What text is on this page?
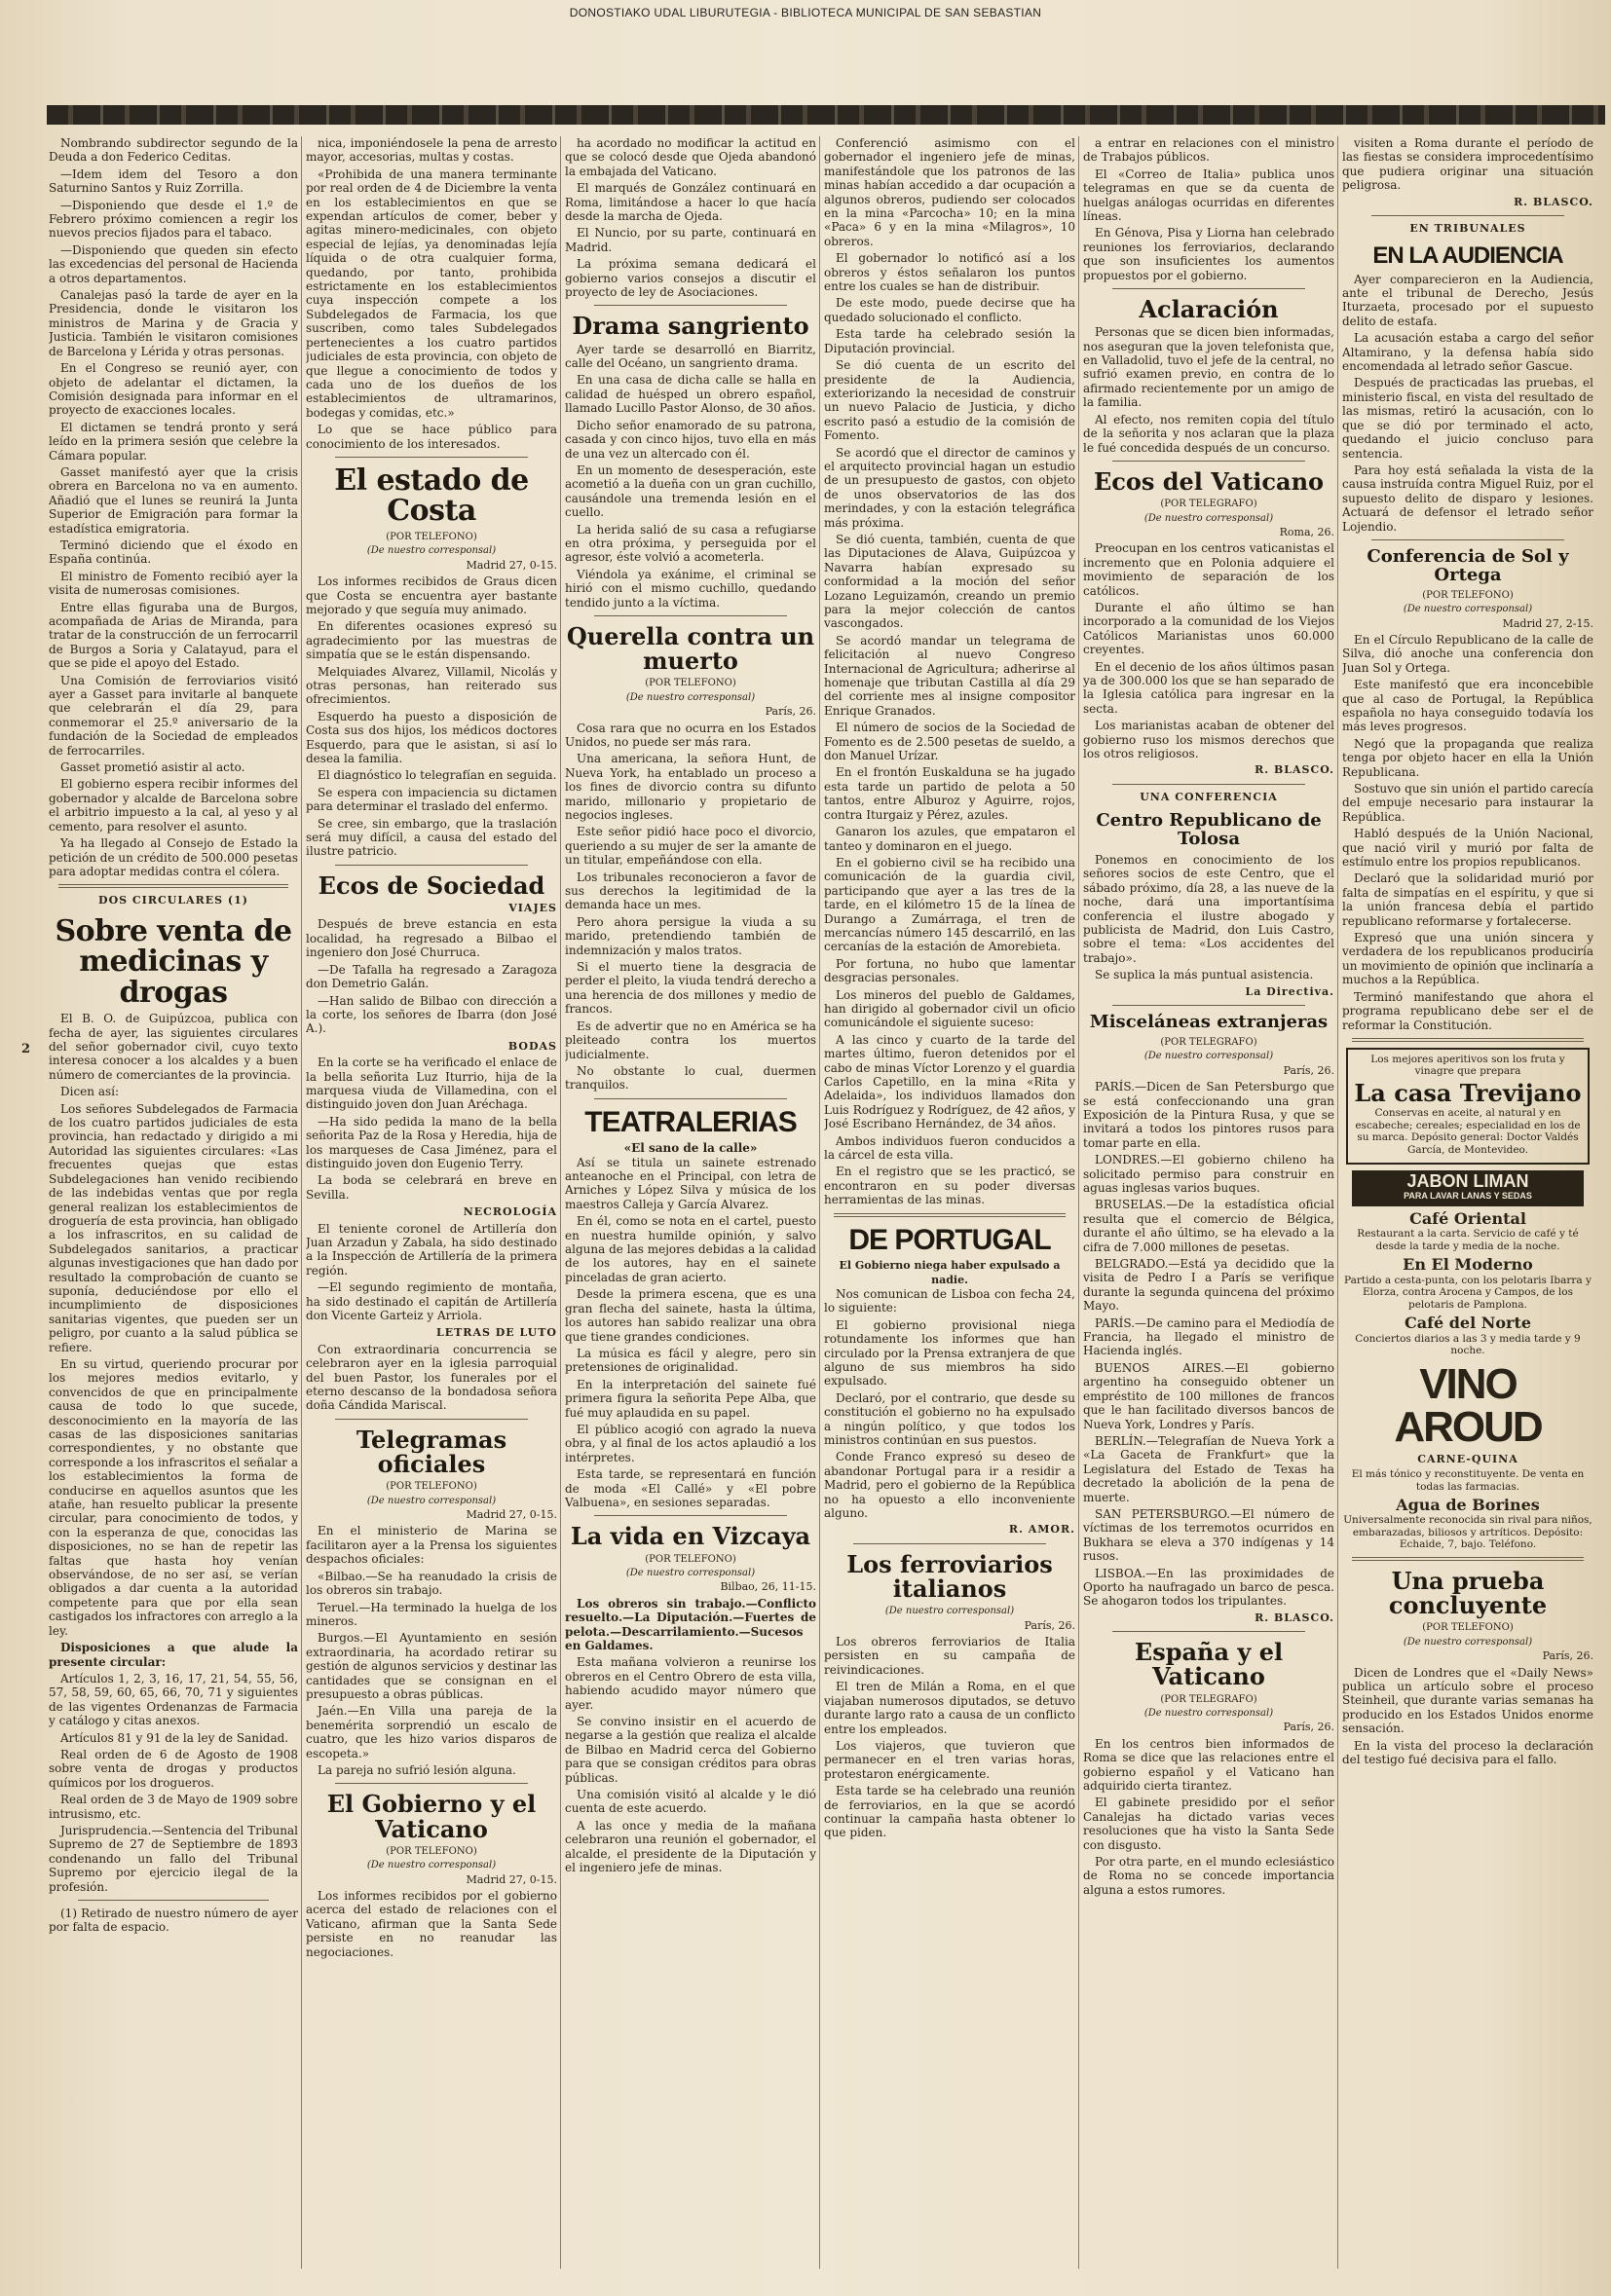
DONOSTIAKO UDAL LIBURUTEGIA - BIBLIOTECA MUNICIPAL DE SAN SEBASTIAN
2

Nombrando subdirector segundo de la Deuda a don Federico Ceditas.

—Idem idem del Tesoro a don Saturnino Santos y Ruiz Zorrilla.

—Disponiendo que desde el 1.º de Febrero próximo comiencen a regir los nuevos precios fijados para el tabaco.

—Disponiendo que queden sin efecto las excedencias del personal de Hacienda a otros departamentos.

Canalejas pasó la tarde de ayer en la Presidencia, donde le visitaron los ministros de Marina y de Gracia y Justicia. También le visitaron comisiones de Barcelona y Lérida y otras personas.

En el Congreso se reunió ayer, con objeto de adelantar el dictamen, la Comisión designada para informar en el proyecto de exacciones locales.

El dictamen se tendrá pronto y será leído en la primera sesión que celebre la Cámara popular.

Gasset manifestó ayer que la crisis obrera en Barcelona no va en aumento. Añadió que el lunes se reunirá la Junta Superior de Emigración para formar la estadística emigratoria.

Terminó diciendo que el éxodo en España continúa.

El ministro de Fomento recibió ayer la visita de numerosas comisiones.

Entre ellas figuraba una de Burgos, acompañada de Arias de Miranda, para tratar de la construcción de un ferrocarril de Burgos a Soria y Calatayud, para el que se pide el apoyo del Estado.

Una Comisión de ferroviarios visitó ayer a Gasset para invitarle al banquete que celebrarán el día 29, para conmemorar el 25.º aniversario de la fundación de la Sociedad de empleados de ferrocarriles.

Gasset prometió asistir al acto.

El gobierno espera recibir informes del gobernador y alcalde de Barcelona sobre el arbitrio impuesto a la cal, al yeso y al cemento, para resolver el asunto.

Ya ha llegado al Consejo de Estado la petición de un crédito de 500.000 pesetas para adoptar medidas contra el cólera.

DOS CIRCULARES (1)
Sobre venta de medicinas y drogas

El B. O. de Guipúzcoa, publica con fecha de ayer, las siguientes circulares del señor gobernador civil, cuyo texto interesa conocer a los alcaldes y a buen número de comerciantes de la provincia.

Dicen así:

Los señores Subdelegados de Farmacia de los cuatro partidos judiciales de esta provincia, han redactado y dirigido a mi Autoridad las siguientes circulares: «Las frecuentes quejas que estas Subdelegaciones han venido recibiendo de las indebidas ventas que por regla general realizan los establecimientos de droguería de esta provincia, han obligado a los infrascritos, en su calidad de Subdelegados sanitarios, a practicar algunas investigaciones que han dado por resultado la comprobación de cuanto se suponía, deduciéndose por ello el incumplimiento de disposiciones sanitarias vigentes, que pueden ser un peligro, por cuanto a la salud pública se refiere.

En su virtud, queriendo procurar por los mejores medios evitarlo, y convencidos de que en principalmente causa de todo lo que sucede, desconocimiento en la mayoría de las casas de las disposiciones sanitarias correspondientes, y no obstante que corresponde a los infrascritos el señalar a los establecimientos la forma de conducirse en aquellos asuntos que les atañe, han resuelto publicar la presente circular, para conocimiento de todos, y con la esperanza de que, conocidas las disposiciones, no se han de repetir las faltas que hasta hoy venían observándose, de no ser así, se verían obligados a dar cuenta a la autoridad competente para que por ella sean castigados los infractores con arreglo a la ley.

Disposiciones a que alude la presente circular:

Artículos 1, 2, 3, 16, 17, 21, 54, 55, 56, 57, 58, 59, 60, 65, 66, 70, 71 y siguientes de las vigentes Ordenanzas de Farmacia y catálogo y citas anexos.

Artículos 81 y 91 de la ley de Sanidad.

Real orden de 6 de Agosto de 1908 sobre venta de drogas y productos químicos por los drogueros.

Real orden de 3 de Mayo de 1909 sobre intrusismo, etc.

Jurisprudencia.—Sentencia del Tribunal Supremo de 27 de Septiembre de 1893 condenando un fallo del Tribunal Supremo por ejercicio ilegal de la profesión.

(1) Retirado de nuestro número de ayer por falta de espacio.

nica, imponiéndosele la pena de arresto mayor, accesorias, multas y costas.

«Prohibida de una manera terminante por real orden de 4 de Diciembre la venta en los establecimientos en que se expendan artículos de comer, beber y agitas minero-medicinales, con objeto especial de lejías, ya denominadas lejía líquida o de otra cualquier forma, quedando, por tanto, prohibida estrictamente en los establecimientos cuya inspección compete a los Subdelegados de Farmacia, los que suscriben, como tales Subdelegados pertenecientes a los cuatro partidos judiciales de esta provincia, con objeto de que llegue a conocimiento de todos y cada uno de los dueños de los establecimientos de ultramarinos, bodegas y comidas, etc.»

Lo que se hace público para conocimiento de los interesados.

El estado de Costa
(POR TELEFONO)
(De nuestro corresponsal)
Madrid 27, 0-15.

Los informes recibidos de Graus dicen que Costa se encuentra ayer bastante mejorado y que seguía muy animado.

En diferentes ocasiones expresó su agradecimiento por las muestras de simpatía que se le están dispensando.

Melquiades Alvarez, Villamil, Nicolás y otras personas, han reiterado sus ofrecimientos.

Esquerdo ha puesto a disposición de Costa sus dos hijos, los médicos doctores Esquerdo, para que le asistan, si así lo desea la familia.

El diagnóstico lo telegrafían en seguida.

Se espera con impaciencia su dictamen para determinar el traslado del enfermo.

Se cree, sin embargo, que la traslación será muy difícil, a causa del estado del ilustre patricio.

Ecos de Sociedad
VIAJES

Después de breve estancia en esta localidad, ha regresado a Bilbao el ingeniero don José Churruca.

—De Tafalla ha regresado a Zaragoza don Demetrio Galán.

—Han salido de Bilbao con dirección a la corte, los señores de Ibarra (don José A.).

BODAS

En la corte se ha verificado el enlace de la bella señorita Luz Iturrio, hija de la marquesa viuda de Villamedina, con el distinguido joven don Juan Aréchaga.

—Ha sido pedida la mano de la bella señorita Paz de la Rosa y Heredia, hija de los marqueses de Casa Jiménez, para el distinguido joven don Eugenio Terry.

La boda se celebrará en breve en Sevilla.

NECROLOGÍA

El teniente coronel de Artillería don Juan Arzadun y Zabala, ha sido destinado a la Inspección de Artillería de la primera región.

—El segundo regimiento de montaña, ha sido destinado el capitán de Artillería don Vicente Garteiz y Arriola.

LETRAS DE LUTO

Con extraordinaria concurrencia se celebraron ayer en la iglesia parroquial del buen Pastor, los funerales por el eterno descanso de la bondadosa señora doña Cándida Mariscal.

Telegramas oficiales
(POR TELEFONO)
(De nuestro corresponsal)
Madrid 27, 0-15.

En el ministerio de Marina se facilitaron ayer a la Prensa los siguientes despachos oficiales:

«Bilbao.—Se ha reanudado la crisis de los obreros sin trabajo.

Teruel.—Ha terminado la huelga de los mineros.

Burgos.—El Ayuntamiento en sesión extraordinaria, ha acordado retirar su gestión de algunos servicios y destinar las cantidades que se consignan en el presupuesto a obras públicas.

Jaén.—En Villa una pareja de la benemérita sorprendió un escalo de cuatro, que les hizo varios disparos de escopeta.»

La pareja no sufrió lesión alguna.

El Gobierno y el Vaticano
(POR TELEFONO)
(De nuestro corresponsal)
Madrid 27, 0-15.

Los informes recibidos por el gobierno acerca del estado de relaciones con el Vaticano, afirman que la Santa Sede persiste en no reanudar las negociaciones.

ha acordado no modificar la actitud en que se colocó desde que Ojeda abandonó la embajada del Vaticano.

El marqués de González continuará en Roma, limitándose a hacer lo que hacía desde la marcha de Ojeda.

El Nuncio, por su parte, continuará en Madrid.

La próxima semana dedicará el gobierno varios consejos a discutir el proyecto de ley de Asociaciones.

Drama sangriento

Ayer tarde se desarrolló en Biarritz, calle del Océano, un sangriento drama.

En una casa de dicha calle se halla en calidad de huésped un obrero español, llamado Lucillo Pastor Alonso, de 30 años.

Dicho señor enamorado de su patrona, casada y con cinco hijos, tuvo ella en más de una vez un altercado con él.

En un momento de desesperación, este acometió a la dueña con un gran cuchillo, causándole una tremenda lesión en el cuello.

La herida salió de su casa a refugiarse en otra próxima, y perseguida por el agresor, éste volvió a acometerla.

Viéndola ya exánime, el criminal se hirió con el mismo cuchillo, quedando tendido junto a la víctima.

Querella contra un muerto
(POR TELEFONO)
(De nuestro corresponsal)
París, 26.

Cosa rara que no ocurra en los Estados Unidos, no puede ser más rara.

Una americana, la señora Hunt, de Nueva York, ha entablado un proceso a los fines de divorcio contra su difunto marido, millonario y propietario de negocios ingleses.

Este señor pidió hace poco el divorcio, queriendo a su mujer de ser la amante de un titular, empeñándose con ella.

Los tribunales reconocieron a favor de sus derechos la legitimidad de la demanda hace un mes.

Pero ahora persigue la viuda a su marido, pretendiendo también de indemnización y malos tratos.

Si el muerto tiene la desgracia de perder el pleito, la viuda tendrá derecho a una herencia de dos millones y medio de francos.

Es de advertir que no en América se ha pleiteado contra los muertos judicialmente.

No obstante lo cual, duermen tranquilos.

TEATRALERIAS
«El sano de la calle»

Así se titula un sainete estrenado anteanoche en el Principal, con letra de Arniches y López Silva y música de los maestros Calleja y García Alvarez.

En él, como se nota en el cartel, puesto en nuestra humilde opinión, y salvo alguna de las mejores debidas a la calidad de los autores, hay en el sainete pinceladas de gran acierto.

Desde la primera escena, que es una gran flecha del sainete, hasta la última, los autores han sabido realizar una obra que tiene grandes condiciones.

La música es fácil y alegre, pero sin pretensiones de originalidad.

En la interpretación del sainete fué primera figura la señorita Pepe Alba, que fué muy aplaudida en su papel.

El público acogió con agrado la nueva obra, y al final de los actos aplaudió a los intérpretes.

Esta tarde, se representará en función de moda «El Callé» y «El pobre Valbuena», en sesiones separadas.

La vida en Vizcaya
(POR TELEFONO)
(De nuestro corresponsal)
Bilbao, 26, 11-15.

Los obreros sin trabajo.—Conflicto resuelto.—La Diputación.—Fuertes de pelota.—Descarrilamiento.—Sucesos en Galdames.

Esta mañana volvieron a reunirse los obreros en el Centro Obrero de esta villa, habiendo acudido mayor número que ayer.

Se convino insistir en el acuerdo de negarse a la gestión que realiza el alcalde de Bilbao en Madrid cerca del Gobierno para que se consigan créditos para obras públicas.

Una comisión visitó al alcalde y le dió cuenta de este acuerdo.

A las once y media de la mañana celebraron una reunión el gobernador, el alcalde, el presidente de la Diputación y el ingeniero jefe de minas.

Conferenció asimismo con el gobernador el ingeniero jefe de minas, manifestándole que los patronos de las minas habían accedido a dar ocupación a algunos obreros, pudiendo ser colocados en la mina «Parcocha» 10; en la mina «Paca» 6 y en la mina «Milagros», 10 obreros.

El gobernador lo notificó así a los obreros y éstos señalaron los puntos entre los cuales se han de distribuir.

De este modo, puede decirse que ha quedado solucionado el conflicto.

Esta tarde ha celebrado sesión la Diputación provincial.

Se dió cuenta de un escrito del presidente de la Audiencia, exteriorizando la necesidad de construir un nuevo Palacio de Justicia, y dicho escrito pasó a estudio de la comisión de Fomento.

Se acordó que el director de caminos y el arquitecto provincial hagan un estudio de un presupuesto de gastos, con objeto de unos observatorios de las dos merindades, y con la estación telegráfica más próxima.

Se dió cuenta, también, cuenta de que las Diputaciones de Alava, Guipúzcoa y Navarra habían expresado su conformidad a la moción del señor Lozano Leguizamón, creando un premio para la mejor colección de cantos vascongados.

Se acordó mandar un telegrama de felicitación al nuevo Congreso Internacional de Agricultura; adherirse al homenaje que tributan Castilla al día 29 del corriente mes al insigne compositor Enrique Granados.

El número de socios de la Sociedad de Fomento es de 2.500 pesetas de sueldo, a don Manuel Urízar.

En el frontón Euskalduna se ha jugado esta tarde un partido de pelota a 50 tantos, entre Alburoz y Aguirre, rojos, contra Iturgaiz y Pérez, azules.

Ganaron los azules, que empataron el tanteo y dominaron en el juego.

En el gobierno civil se ha recibido una comunicación de la guardia civil, participando que ayer a las tres de la tarde, en el kilómetro 15 de la línea de Durango a Zumárraga, el tren de mercancías número 145 descarriló, en las cercanías de la estación de Amorebieta.

Por fortuna, no hubo que lamentar desgracias personales.

Los mineros del pueblo de Galdames, han dirigido al gobernador civil un oficio comunicándole el siguiente suceso:

A las cinco y cuarto de la tarde del martes último, fueron detenidos por el cabo de minas Víctor Lorenzo y el guardia Carlos Capetillo, en la mina «Rita y Adelaida», los individuos llamados don Luis Rodríguez y Rodríguez, de 42 años, y José Escribano Hernández, de 34 años.

Ambos individuos fueron conducidos a la cárcel de esta villa.

En el registro que se les practicó, se encontraron en su poder diversas herramientas de las minas.

DE PORTUGAL
El Gobierno niega haber expulsado a nadie.

Nos comunican de Lisboa con fecha 24, lo siguiente:

El gobierno provisional niega rotundamente los informes que han circulado por la Prensa extranjera de que alguno de sus miembros ha sido expulsado.

Declaró, por el contrario, que desde su constitución el gobierno no ha expulsado a ningún político, y que todos los ministros continúan en sus puestos.

Conde Franco expresó su deseo de abandonar Portugal para ir a residir a Madrid, pero el gobierno de la República no ha opuesto a ello inconveniente alguno.

R. AMOR.
Los ferroviarios italianos
(De nuestro corresponsal)
París, 26.

Los obreros ferroviarios de Italia persisten en su campaña de reivindicaciones.

El tren de Milán a Roma, en el que viajaban numerosos diputados, se detuvo durante largo rato a causa de un conflicto entre los empleados.

Los viajeros, que tuvieron que permanecer en el tren varias horas, protestaron enérgicamente.

Esta tarde se ha celebrado una reunión de ferroviarios, en la que se acordó continuar la campaña hasta obtener lo que piden.

a entrar en relaciones con el ministro de Trabajos públicos.

El «Correo de Italia» publica unos telegramas en que se da cuenta de huelgas análogas ocurridas en diferentes líneas.

En Génova, Pisa y Liorna han celebrado reuniones los ferroviarios, declarando que son insuficientes los aumentos propuestos por el gobierno.

Aclaración

Personas que se dicen bien informadas, nos aseguran que la joven telefonista que, en Valladolid, tuvo el jefe de la central, no sufrió examen previo, en contra de lo afirmado recientemente por un amigo de la familia.

Al efecto, nos remiten copia del título de la señorita y nos aclaran que la plaza le fué concedida después de un concurso.

Ecos del Vaticano
(POR TELEGRAFO)
(De nuestro corresponsal)
Roma, 26.

Preocupan en los centros vaticanistas el incremento que en Polonia adquiere el movimiento de separación de los católicos.

Durante el año último se han incorporado a la comunidad de los Viejos Católicos Marianistas unos 60.000 creyentes.

En el decenio de los años últimos pasan ya de 300.000 los que se han separado de la Iglesia católica para ingresar en la secta.

Los marianistas acaban de obtener del gobierno ruso los mismos derechos que los otros religiosos.

R. BLASCO.
UNA CONFERENCIA
Centro Republicano de Tolosa

Ponemos en conocimiento de los señores socios de este Centro, que el sábado próximo, día 28, a las nueve de la noche, dará una importantísima conferencia el ilustre abogado y publicista de Madrid, don Luis Castro, sobre el tema: «Los accidentes del trabajo».

Se suplica la más puntual asistencia.

La Directiva.
Misceláneas extranjeras
(POR TELEGRAFO)
(De nuestro corresponsal)
París, 26.

PARÍS.—Dicen de San Petersburgo que se está confeccionando una gran Exposición de la Pintura Rusa, y que se invitará a todos los pintores rusos para tomar parte en ella.

LONDRES.—El gobierno chileno ha solicitado permiso para construir en aguas inglesas varios buques.

BRUSELAS.—De la estadística oficial resulta que el comercio de Bélgica, durante el año último, se ha elevado a la cifra de 7.000 millones de pesetas.

BELGRADO.—Está ya decidido que la visita de Pedro I a París se verifique durante la segunda quincena del próximo Mayo.

PARÍS.—De camino para el Mediodía de Francia, ha llegado el ministro de Hacienda inglés.

BUENOS AIRES.—El gobierno argentino ha conseguido obtener un empréstito de 100 millones de francos que le han facilitado diversos bancos de Nueva York, Londres y París.

BERLÍN.—Telegrafían de Nueva York a «La Gaceta de Frankfurt» que la Legislatura del Estado de Texas ha decretado la abolición de la pena de muerte.

SAN PETERSBURGO.—El número de víctimas de los terremotos ocurridos en Bukhara se eleva a 370 indígenas y 14 rusos.

LISBOA.—En las proximidades de Oporto ha naufragado un barco de pesca. Se ahogaron todos los tripulantes.

R. BLASCO.
España y el Vaticano
(POR TELEGRAFO)
(De nuestro corresponsal)
París, 26.

En los centros bien informados de Roma se dice que las relaciones entre el gobierno español y el Vaticano han adquirido cierta tirantez.

El gabinete presidido por el señor Canalejas ha dictado varias veces resoluciones que ha visto la Santa Sede con disgusto.

Por otra parte, en el mundo eclesiástico de Roma no se concede importancia alguna a estos rumores.

visiten a Roma durante el período de las fiestas se considera improcedentísimo que pudiera originar una situación peligrosa.

R. BLASCO.
EN TRIBUNALES
EN LA AUDIENCIA

Ayer comparecieron en la Audiencia, ante el tribunal de Derecho, Jesús Iturzaeta, procesado por el supuesto delito de estafa.

La acusación estaba a cargo del señor Altamirano, y la defensa había sido encomendada al letrado señor Gascue.

Después de practicadas las pruebas, el ministerio fiscal, en vista del resultado de las mismas, retiró la acusación, con lo que se dió por terminado el acto, quedando el juicio concluso para sentencia.

Para hoy está señalada la vista de la causa instruída contra Miguel Ruiz, por el supuesto delito de disparo y lesiones. Actuará de defensor el letrado señor Lojendio.

Conferencia de Sol y Ortega
(POR TELEFONO)
(De nuestro corresponsal)
Madrid 27, 2-15.

En el Círculo Republicano de la calle de Silva, dió anoche una conferencia don Juan Sol y Ortega.

Este manifestó que era inconcebible que al caso de Portugal, la República española no haya conseguido todavía los más leves progresos.

Negó que la propaganda que realiza tenga por objeto hacer en ella la Unión Republicana.

Sostuvo que sin unión el partido carecía del empuje necesario para instaurar la República.

Habló después de la Unión Nacional, que nació viril y murió por falta de estímulo entre los propios republicanos.

Declaró que la solidaridad murió por falta de simpatías en el espíritu, y que si la unión francesa debía el partido republicano reformarse y fortalecerse.

Expresó que una unión sincera y verdadera de los republicanos produciría un movimiento de opinión que inclinaría a muchos a la República.

Terminó manifestando que ahora el programa republicano debe ser el de reformar la Constitución.

Los mejores aperitivos son los fruta y vinagre que prepara
La casa Trevijano
Conservas en aceite, al natural y en escabeche; cereales; especialidad en los de su marca. Depósito general: Doctor Valdés García, de Montevideo.
JABON LIMAN
PARA LAVAR LANAS Y SEDAS
Café Oriental
Restaurant a la carta. Servicio de café y té desde la tarde y media de la noche.
En El Moderno
Partido a cesta-punta, con los pelotaris Ibarra y Elorza, contra Arocena y Campos, de los pelotaris de Pamplona.
Café del Norte
Conciertos diarios a las 3 y media tarde y 9 noche.
VINO AROUD
CARNE-QUINA
El más tónico y reconstituyente. De venta en todas las farmacias.
Agua de Borines
Universalmente reconocida sin rival para niños, embarazadas, biliosos y artríticos. Depósito: Echaide, 7, bajo. Teléfono.
Una prueba concluyente
(POR TELEFONO)
(De nuestro corresponsal)
París, 26.

Dicen de Londres que el «Daily News» publica un artículo sobre el proceso Steinheil, que durante varias semanas ha producido en los Estados Unidos enorme sensación.

En la vista del proceso la declaración del testigo fué decisiva para el fallo.
